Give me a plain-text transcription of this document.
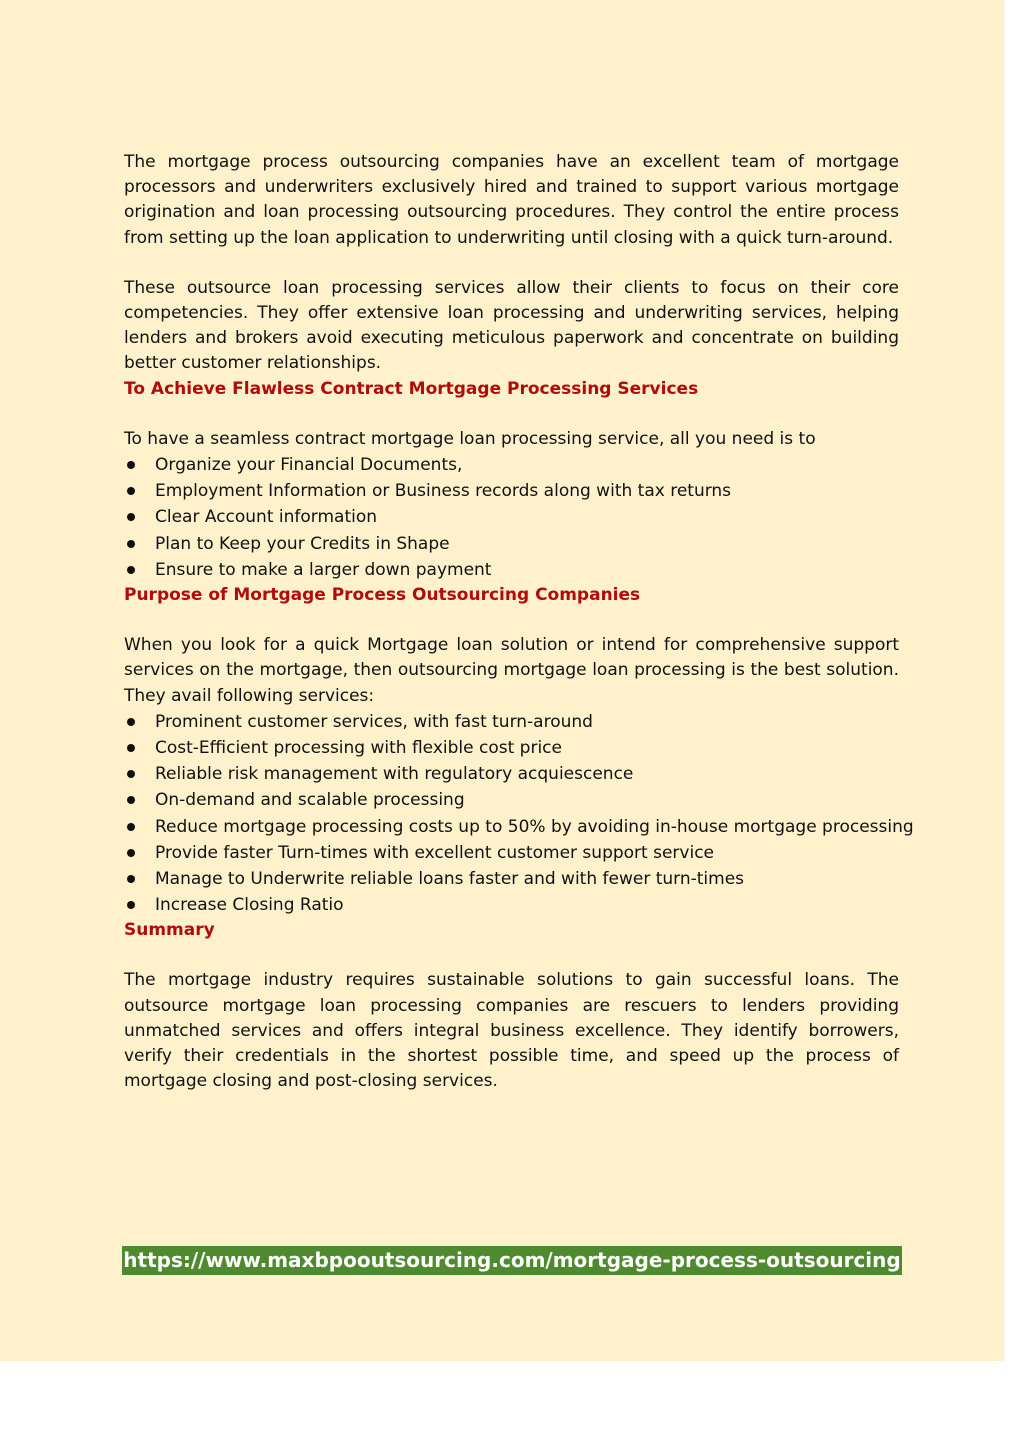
The mortgage process outsourcing companies have an excellent team of mortgage processors and underwriters exclusively hired and trained to support various mortgage origination and loan processing outsourcing procedures. They control the entire process from setting up the loan application to underwriting until closing with a quick turn-around.

These outsource loan processing services allow their clients to focus on their core competencies. They offer extensive loan processing and underwriting services, helping lenders and brokers avoid executing meticulous paperwork and concentrate on building better customer relationships.

To Achieve Flawless Contract Mortgage Processing Services

To have a seamless contract mortgage loan processing service, all you need is to

Organize your Financial Documents,
Employment Information or Business records along with tax returns
Clear Account information
Plan to Keep your Credits in Shape
Ensure to make a larger down payment
Purpose of Mortgage Process Outsourcing Companies

When you look for a quick Mortgage loan solution or intend for comprehensive support services on the mortgage, then outsourcing mortgage loan processing is the best solution. They avail following services:

Prominent customer services, with fast turn-around
Cost-Efficient processing with flexible cost price
Reliable risk management with regulatory acquiescence
On-demand and scalable processing
Reduce mortgage processing costs up to 50% by avoiding in-house mortgage processing
Provide faster Turn-times with excellent customer support service
Manage to Underwrite reliable loans faster and with fewer turn-times
Increase Closing Ratio
Summary

The mortgage industry requires sustainable solutions to gain successful loans. The outsource mortgage loan processing companies are rescuers to lenders providing unmatched services and offers integral business excellence. They identify borrowers, verify their credentials in the shortest possible time, and speed up the process of mortgage closing and post-closing services.

https://www.maxbpooutsourcing.com/mortgage-process-outsourcing
